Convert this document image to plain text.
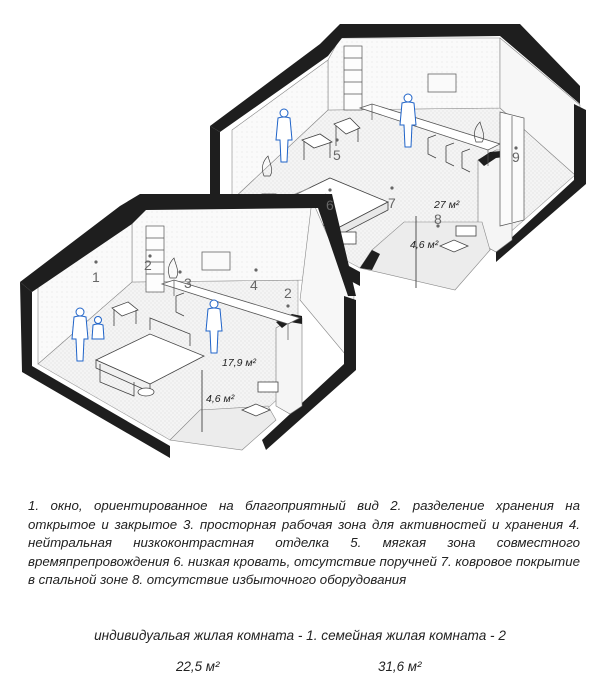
5
6	7
8
9
27 м²
4,6 м²
1
2
3	4 2
17,9 м²
4,6 м²
1. окно, ориентированное на благоприятный вид 2. разделение хранения на открытое и закрытое 3. просторная рабочая зона для активностей и хранения 4. нейтральная низкоконтрастная отделка 5. мягкая зона совместного времяпрепровождения 6. низкая кровать, отсутствие поручней 7. ковровое покрытие в спальной зоне 8. отсутствие избыточного оборудования
индивидуальая жилая комната - 1. семейная жилая комната - 2
22,5 м²	31,6 м²
